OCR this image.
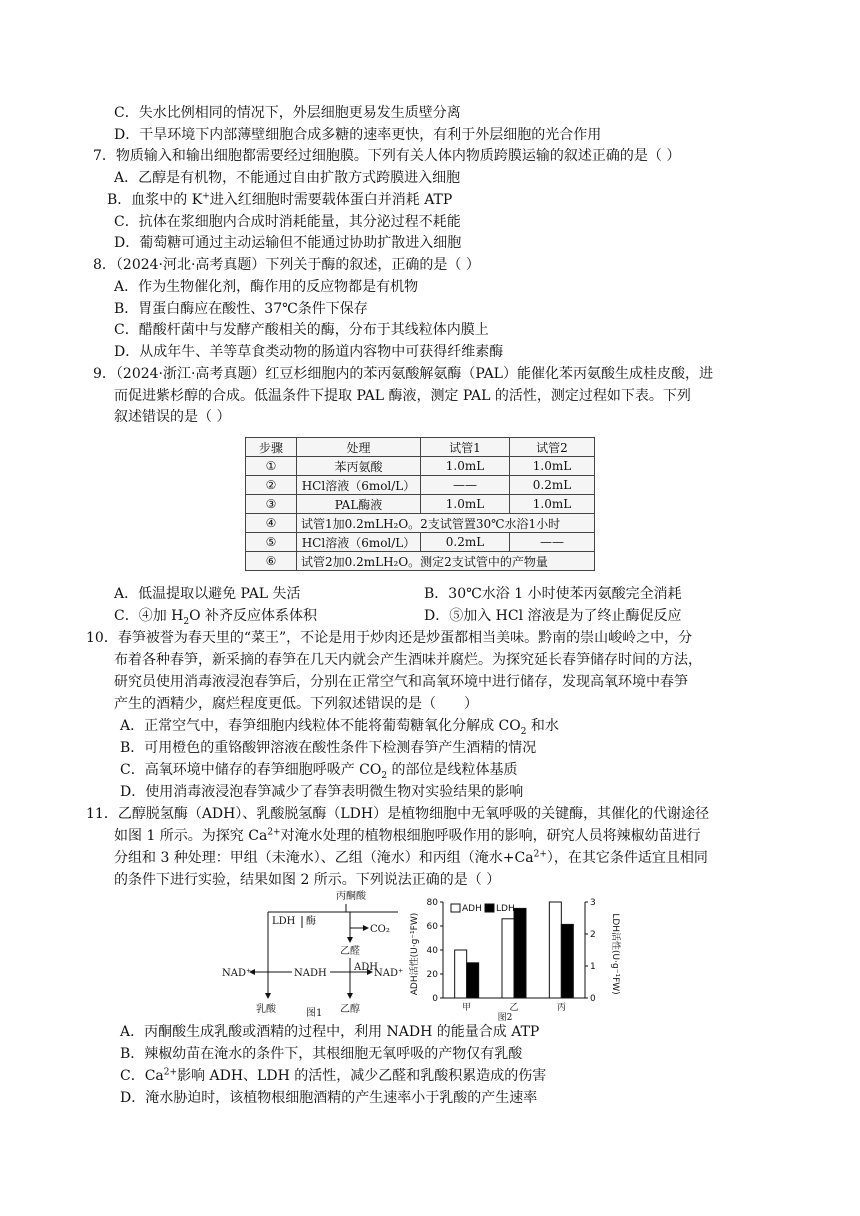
C．失水比例相同的情况下，外层细胞更易发生质壁分离
D．干旱环境下内部薄壁细胞合成多糖的速率更快，有利于外层细胞的光合作用
7．物质输入和输出细胞都需要经过细胞膜。下列有关人体内物质跨膜运输的叙述正确的是（ ）
A．乙醇是有机物，不能通过自由扩散方式跨膜进入细胞
B．血浆中的 K+进入红细胞时需要载体蛋白并消耗 ATP
C．抗体在浆细胞内合成时消耗能量，其分泌过程不耗能
D．葡萄糖可通过主动运输但不能通过协助扩散进入细胞
8．（2024·河北·高考真题）下列关于酶的叙述，正确的是（ ）
A．作为生物催化剂，酶作用的反应物都是有机物
B．胃蛋白酶应在酸性、37℃条件下保存
C．醋酸杆菌中与发酵产酸相关的酶，分布于其线粒体内膜上
D．从成年牛、羊等草食类动物的肠道内容物中可获得纤维素酶
9．（2024·浙江·高考真题）红豆杉细胞内的苯丙氨酸解氨酶（PAL）能催化苯丙氨酸生成桂皮酸，进
而促进紫杉醇的合成。低温条件下提取 PAL 酶液，测定 PAL 的活性，测定过程如下表。下列
叙述错误的是（ ）
步骤	处理	试管1	试管2
①	苯丙氨酸	1.0mL	1.0mL
②	HCl溶液（6mol/L）	——	0.2mL
③	PAL酶液	1.0mL	1.0mL
④	试管1加0.2mLH₂O。2支试管置30℃水浴1小时		
⑤	HCl溶液（6mol/L）	0.2mL	——
⑥	试管2加0.2mLH₂O。测定2支试管中的产物量		
A．低温提取以避免 PAL 失活	B．30℃水浴 1 小时使苯丙氨酸完全消耗
C．④加 $H_2O$ 补齐反应体系体积	D．⑤加入 HCl 溶液是为了终止酶促反应
10．春笋被誉为春天里的“菜王”，不论是用于炒肉还是炒蛋都相当美味。黔南的崇山峻岭之中，分
布着各种春笋，新采摘的春笋在几天内就会产生酒味并腐烂。为探究延长春笋储存时间的方法，
研究员使用消毒液浸泡春笋后，分别在正常空气和高氧环境中进行储存，发现高氧环境中春笋
产生的酒精少，腐烂程度更低。下列叙述错误的是（　　）
A．正常空气中，春笋细胞内线粒体不能将葡萄糖氧化分解成 $CO_2$ 和水
B．可用橙色的重铬酸钾溶液在酸性条件下检测春笋产生酒精的情况
C．高氧环境中储存的春笋细胞呼吸产 $CO_2$ 的部位是线粒体基质
D．使用消毒液浸泡春笋减少了春笋表明微生物对实验结果的影响
11．乙醇脱氢酶（ADH）、乳酸脱氢酶（LDH）是植物细胞中无氧呼吸的关键酶，其催化的代谢途径
如图 1 所示。为探究 $Ca^{2+}$对淹水处理的植物根细胞呼吸作用的影响，研究人员将辣椒幼苗进行
分组和 3 种处理：甲组（未淹水）、乙组（淹水）和丙组（淹水$+Ca^{2+}$），在其它条件适宜且相同
的条件下进行实验，结果如图 2 所示。下列说法正确的是（ ）
丙酮酸
LDH 酶
CO₂
乙醛
ADH
NAD⁺	NADH	NAD⁺
乳酸	乙醇
图1
ADH活性(U·g⁻¹FW)	LDH活性(U·g⁻¹FW)
0
20
40
60
80
0
1
2
3
甲	乙	丙
ADH LDH
图2
A．丙酮酸生成乳酸或酒精的过程中，利用 NADH 的能量合成 ATP
B．辣椒幼苗在淹水的条件下，其根细胞无氧呼吸的产物仅有乳酸
C．$Ca^{2+}$影响 ADH、LDH 的活性，减少乙醛和乳酸积累造成的伤害
D．淹水胁迫时，该植物根细胞酒精的产生速率小于乳酸的产生速率
